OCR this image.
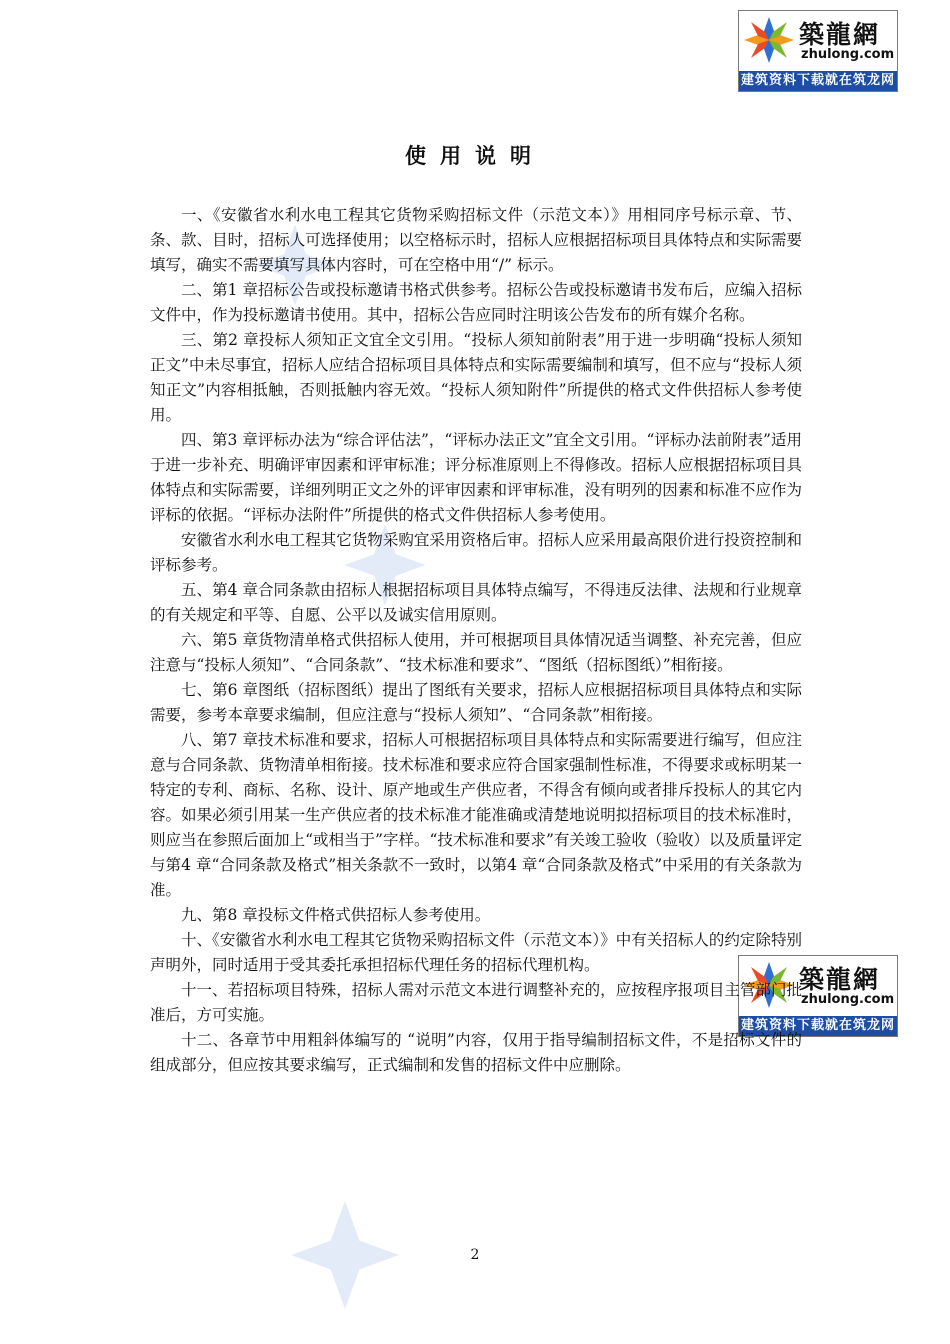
築龍網
zhulong.com
建筑资料下载就在筑龙网
築龍網
zhulong.com
建筑资料下载就在筑龙网
使用说明

一、《安徽省水利水电工程其它货物采购招标文件（示范文本）》用相同序号标示章、节、条、款、目时，招标人可选择使用；以空格标示时，招标人应根据招标项目具体特点和实际需要填写，确实不需要填写具体内容时，可在空格中用“/” 标示。

二、第1 章招标公告或投标邀请书格式供参考。招标公告或投标邀请书发布后，应编入招标文件中，作为投标邀请书使用。其中，招标公告应同时注明该公告发布的所有媒介名称。

三、第2 章投标人须知正文宜全文引用。“投标人须知前附表”用于进一步明确“投标人须知正文”中未尽事宜，招标人应结合招标项目具体特点和实际需要编制和填写，但不应与“投标人须知正文”内容相抵触，否则抵触内容无效。“投标人须知附件”所提供的格式文件供招标人参考使用。

四、第3 章评标办法为“综合评估法”，“评标办法正文”宜全文引用。“评标办法前附表”适用于进一步补充、明确评审因素和评审标准；评分标准原则上不得修改。招标人应根据招标项目具体特点和实际需要，详细列明正文之外的评审因素和评审标准，没有明列的因素和标准不应作为评标的依据。“评标办法附件”所提供的格式文件供招标人参考使用。

安徽省水利水电工程其它货物采购宜采用资格后审。招标人应采用最高限价进行投资控制和评标参考。

五、第4 章合同条款由招标人根据招标项目具体特点编写，不得违反法律、法规和行业规章的有关规定和平等、自愿、公平以及诚实信用原则。

六、第5 章货物清单格式供招标人使用，并可根据项目具体情况适当调整、补充完善，但应注意与“投标人须知”、“合同条款”、“技术标准和要求”、“图纸（招标图纸）”相衔接。

七、第6 章图纸（招标图纸）提出了图纸有关要求，招标人应根据招标项目具体特点和实际需要，参考本章要求编制，但应注意与“投标人须知”、“合同条款”相衔接。

八、第7 章技术标准和要求，招标人可根据招标项目具体特点和实际需要进行编写，但应注意与合同条款、货物清单相衔接。技术标准和要求应符合国家强制性标准，不得要求或标明某一特定的专利、商标、名称、设计、原产地或生产供应者，不得含有倾向或者排斥投标人的其它内容。如果必须引用某一生产供应者的技术标准才能准确或清楚地说明拟招标项目的技术标准时，则应当在参照后面加上“或相当于”字样。“技术标准和要求”有关竣工验收（验收）以及质量评定与第4 章“合同条款及格式”相关条款不一致时，以第4 章“合同条款及格式”中采用的有关条款为准。

九、第8 章投标文件格式供招标人参考使用。

十、《安徽省水利水电工程其它货物采购招标文件（示范文本）》中有关招标人的约定除特别声明外，同时适用于受其委托承担招标代理任务的招标代理机构。

十一、若招标项目特殊，招标人需对示范文本进行调整补充的，应按程序报项目主管部门批准后，方可实施。

十二、各章节中用粗斜体编写的 “说明”内容，仅用于指导编制招标文件，不是招标文件的组成部分，但应按其要求编写，正式编制和发售的招标文件中应删除。

2
